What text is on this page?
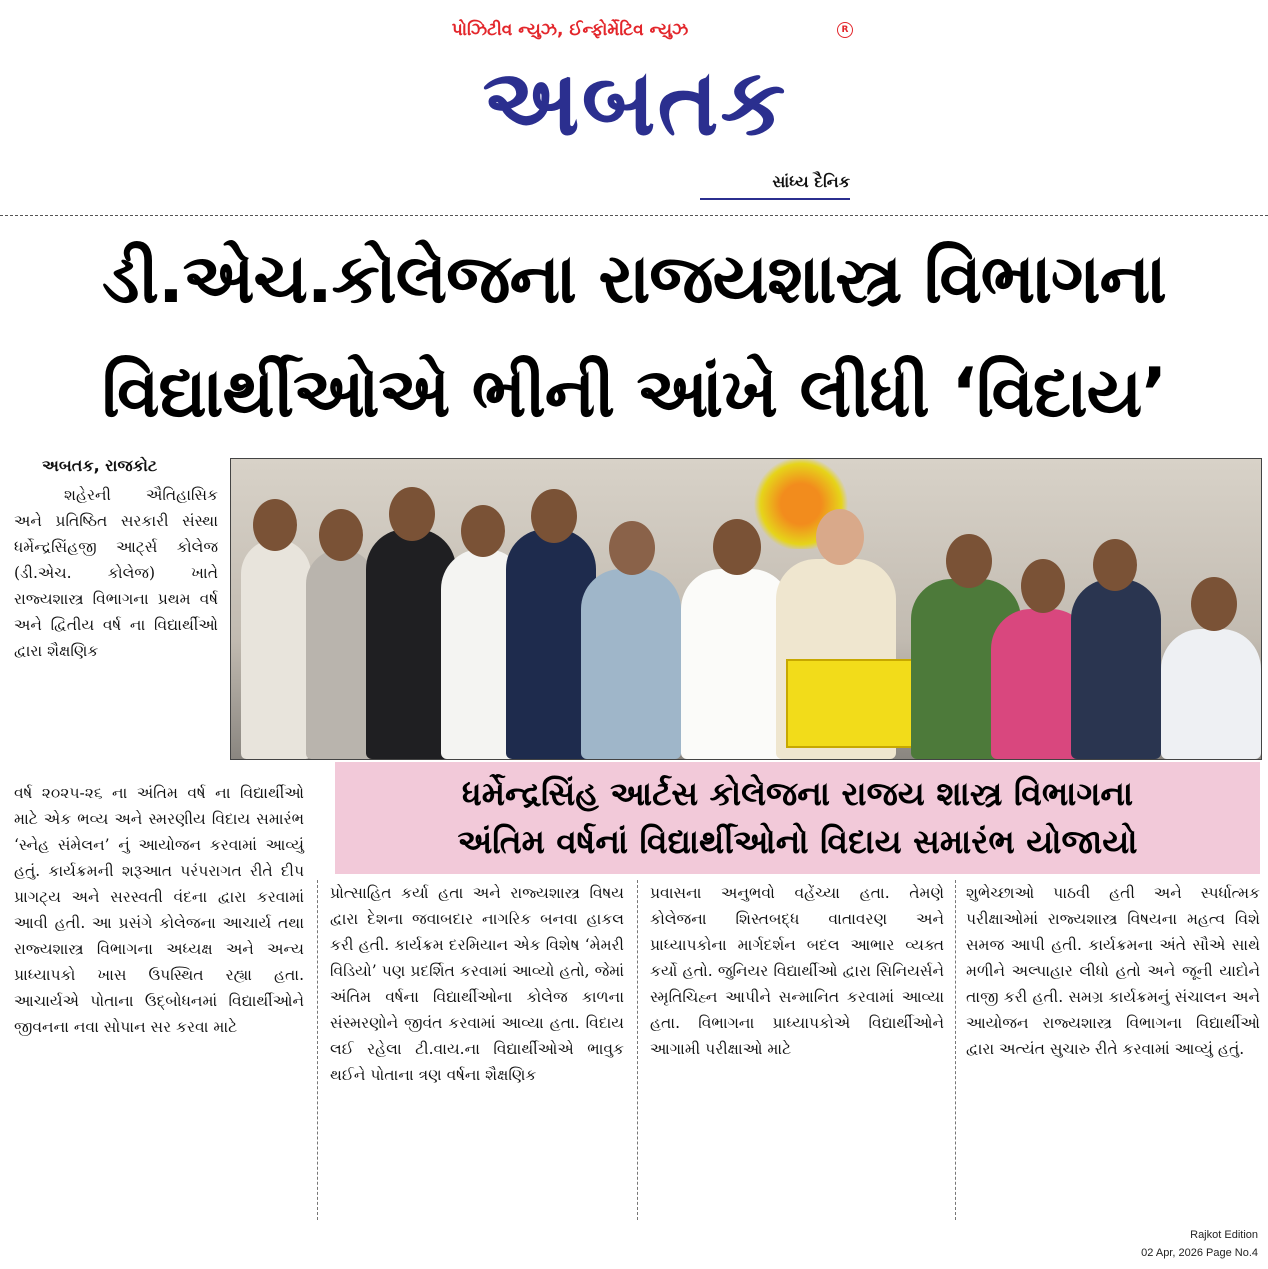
પોઝિટીવ ન્યુઝ, ઈન્ફોર્મેટિવ ન્યુઝ	R
અબતક
સાંધ્ય દૈનિક
ડી.એચ.કોલેજના રાજયશાસ્ત્ર વિભાગના
વિદ્યાર્થીઓએ ભીની આંખે લીધી ‘વિદાય’
અબતક, રાજકોટ
શહેરની ઐતિહાસિક અને પ્રતિષ્ઠિત સરકારી સંસ્થા ધર્મેન્દ્રસિંહજી આર્ટ્સ કોલેજ (ડી.એચ. કોલેજ) ખાતે રાજ્યશાસ્ત્ર વિભાગના પ્રથમ વર્ષ અને દ્વિતીય વર્ષ ના વિદ્યાર્થીઓ દ્વારા શૈક્ષણિક
ધર્મેન્દ્રસિંહ આર્ટસ કોલેજના રાજય શાસ્ત્ર વિભાગના
અંતિમ વર્ષનાં વિદ્યાર્થીઓનો વિદાય સમારંભ યોજાયો
વર્ષ ૨૦૨૫-૨૬ ના અંતિમ વર્ષ ના વિદ્યાર્થીઓ માટે એક ભવ્ય અને સ્મરણીય વિદાય સમારંભ ‘સ્નેહ સંમેલન’ નું આયોજન કરવામાં આવ્યું હતું. કાર્યક્રમની શરૂઆત પરંપરાગત રીતે દીપ પ્રાગટ્ય અને સરસ્વતી વંદના દ્વારા કરવામાં આવી હતી. આ પ્રસંગે કોલેજના આચાર્ય તથા રાજ્યશાસ્ત્ર વિભાગના અધ્યક્ષ અને અન્ય પ્રાધ્યાપકો ખાસ ઉપસ્થિત રહ્યા હતા. આચાર્યએ પોતાના ઉદ્બોધનમાં વિદ્યાર્થીઓને જીવનના નવા સોપાન સર કરવા માટે
પ્રોત્સાહિત કર્યા હતા અને રાજ્યશાસ્ત્ર વિષય દ્વારા દેશના જવાબદાર નાગરિક બનવા હાકલ કરી હતી. કાર્યક્રમ દરમિયાન એક વિશેષ ‘મેમરી વિડિયો’ પણ પ્રદર્શિત કરવામાં આવ્યો હતો, જેમાં અંતિમ વર્ષના વિદ્યાર્થીઓના કોલેજ કાળના સંસ્મરણોને જીવંત કરવામાં આવ્યા હતા. વિદાય લઈ રહેલા ટી.વાય.ના વિદ્યાર્થીઓએ ભાવુક થઈને પોતાના ત્રણ વર્ષના શૈક્ષણિક
પ્રવાસના અનુભવો વહેંચ્યા હતા. તેમણે કોલેજના શિસ્તબદ્ધ વાતાવરણ અને પ્રાધ્યાપકોના માર્ગદર્શન બદલ આભાર વ્યક્ત કર્યો હતો. જુનિયર વિદ્યાર્થીઓ દ્વારા સિનિયર્સને સ્મૃતિચિહ્ન આપીને સન્માનિત કરવામાં આવ્યા હતા. વિભાગના પ્રાધ્યાપકોએ વિદ્યાર્થીઓને આગામી પરીક્ષાઓ માટે
શુભેચ્છાઓ પાઠવી હતી અને સ્પર્ધાત્મક પરીક્ષાઓમાં રાજ્યશાસ્ત્ર વિષયના મહત્વ વિશે સમજ આપી હતી. કાર્યક્રમના અંતે સૌએ સાથે મળીને અલ્પાહાર લીધો હતો અને જૂની યાદોને તાજી કરી હતી. સમગ્ર કાર્યક્રમનું સંચાલન અને આયોજન રાજ્યશાસ્ત્ર વિભાગના વિદ્યાર્થીઓ દ્વારા અત્યંત સુચારુ રીતે કરવામાં આવ્યું હતું.
Rajkot Edition
02 Apr, 2026 Page No.4
